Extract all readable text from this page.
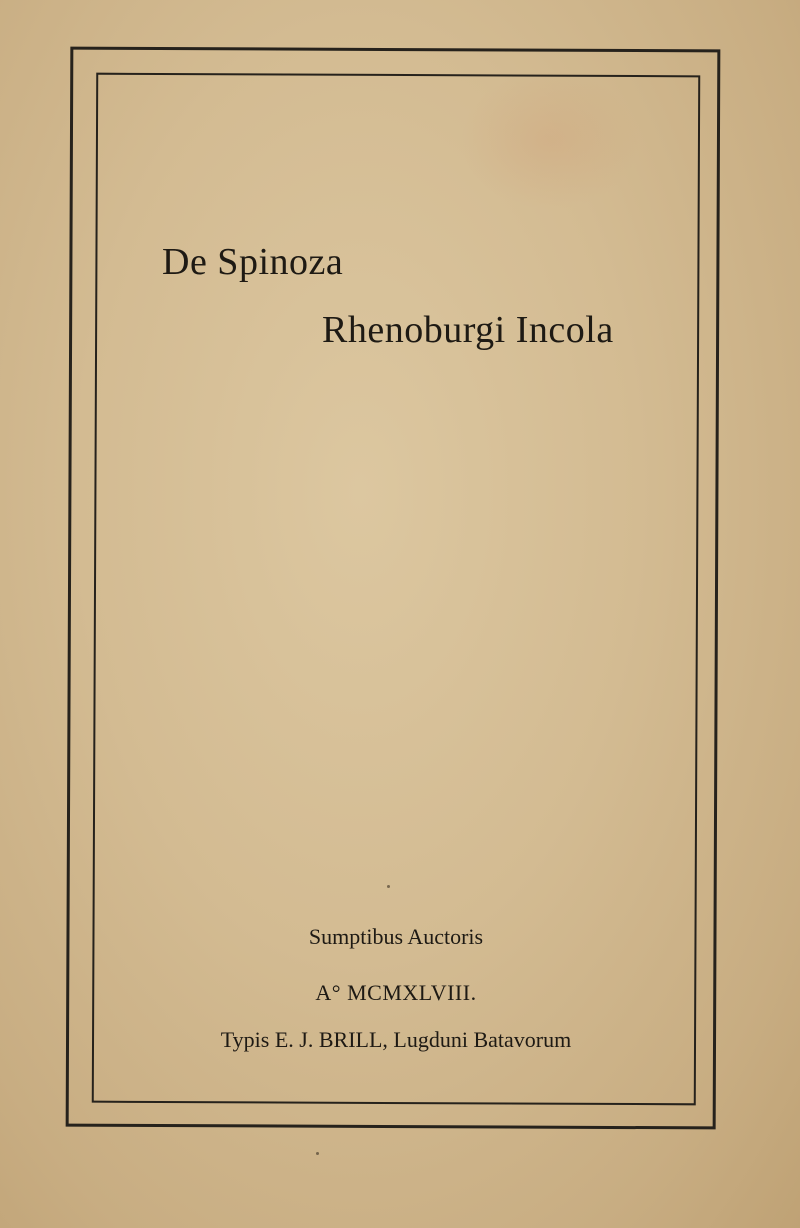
De Spinoza
Rhenoburgi Incola
Sumptibus Auctoris
A° MCMXLVIII.
Typis E. J. BRILL, Lugduni Batavorum
